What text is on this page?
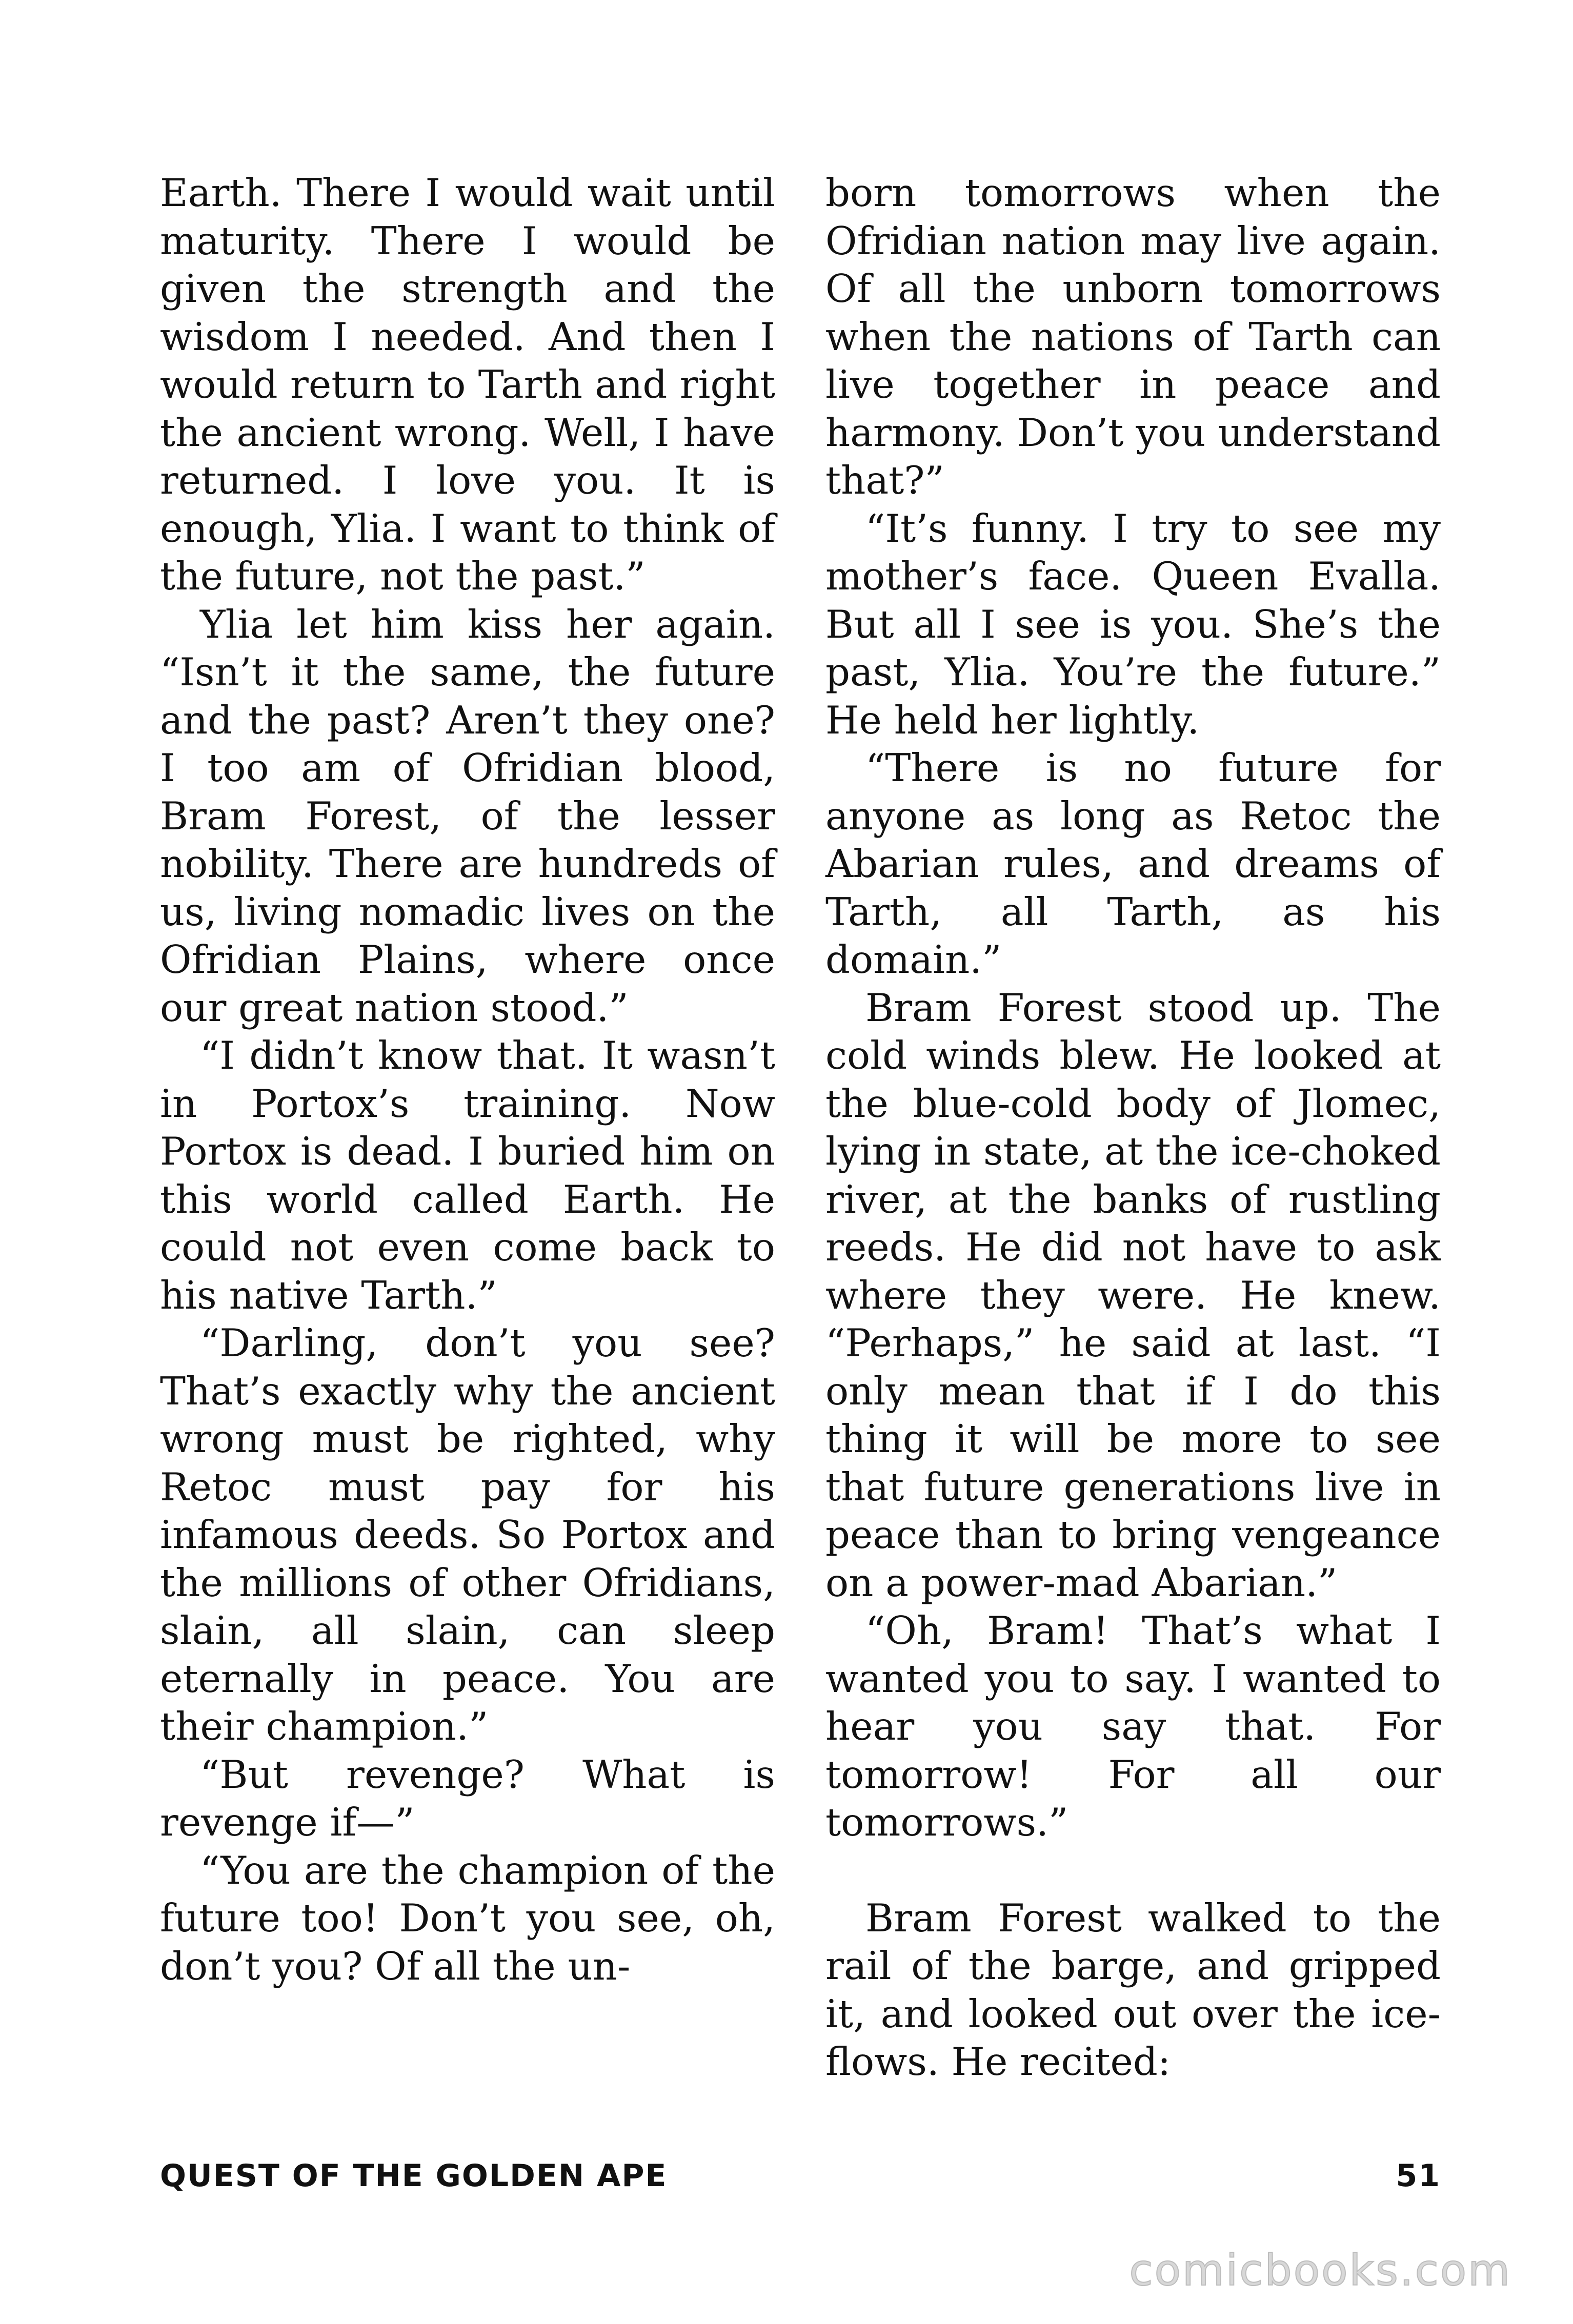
Earth. There I would wait until maturity. There I would be given the strength and the wisdom I needed. And then I would return to Tarth and right the ancient wrong. Well, I have returned. I love you. It is enough, Ylia. I want to think of the future, not the past.”

Ylia let him kiss her again. “Isn’t it the same, the future and the past? Aren’t they one? I too am of Ofridian blood, Bram Forest, of the lesser nobility. There are hundreds of us, living nomadic lives on the Ofridian Plains, where once our great nation stood.”

“I didn’t know that. It wasn’t in Portox’s training. Now Portox is dead. I buried him on this world called Earth. He could not even come back to his native Tarth.”

“Darling, don’t you see? That’s exactly why the ancient wrong must be righted, why Retoc must pay for his infamous deeds. So Portox and the millions of other Ofridians, slain, all slain, can sleep eternally in peace. You are their champion.”

“But revenge? What is revenge if—”

“You are the champion of the future too! Don’t you see, oh, don’t you? Of all the un-

born tomorrows when the Ofridian nation may live again. Of all the unborn tomorrows when the nations of Tarth can live together in peace and harmony. Don’t you understand that?”

“It’s funny. I try to see my mother’s face. Queen Evalla. But all I see is you. She’s the past, Ylia. You’re the future.” He held her lightly.

“There is no future for anyone as long as Retoc the Abarian rules, and dreams of Tarth, all Tarth, as his domain.”

Bram Forest stood up. The cold winds blew. He looked at the blue-cold body of Jlomec, lying in state, at the ice-choked river, at the banks of rustling reeds. He did not have to ask where they were. He knew. “Perhaps,” he said at last. “I only mean that if I do this thing it will be more to see that future generations live in peace than to bring vengeance on a power-mad Abarian.”

“Oh, Bram! That’s what I wanted you to say. I wanted to hear you say that. For tomorrow! For all our tomorrows.”

Bram Forest walked to the rail of the barge, and gripped it, and looked out over the ice-flows. He recited:

QUEST OF THE GOLDEN APE	51
comicbooks.com
